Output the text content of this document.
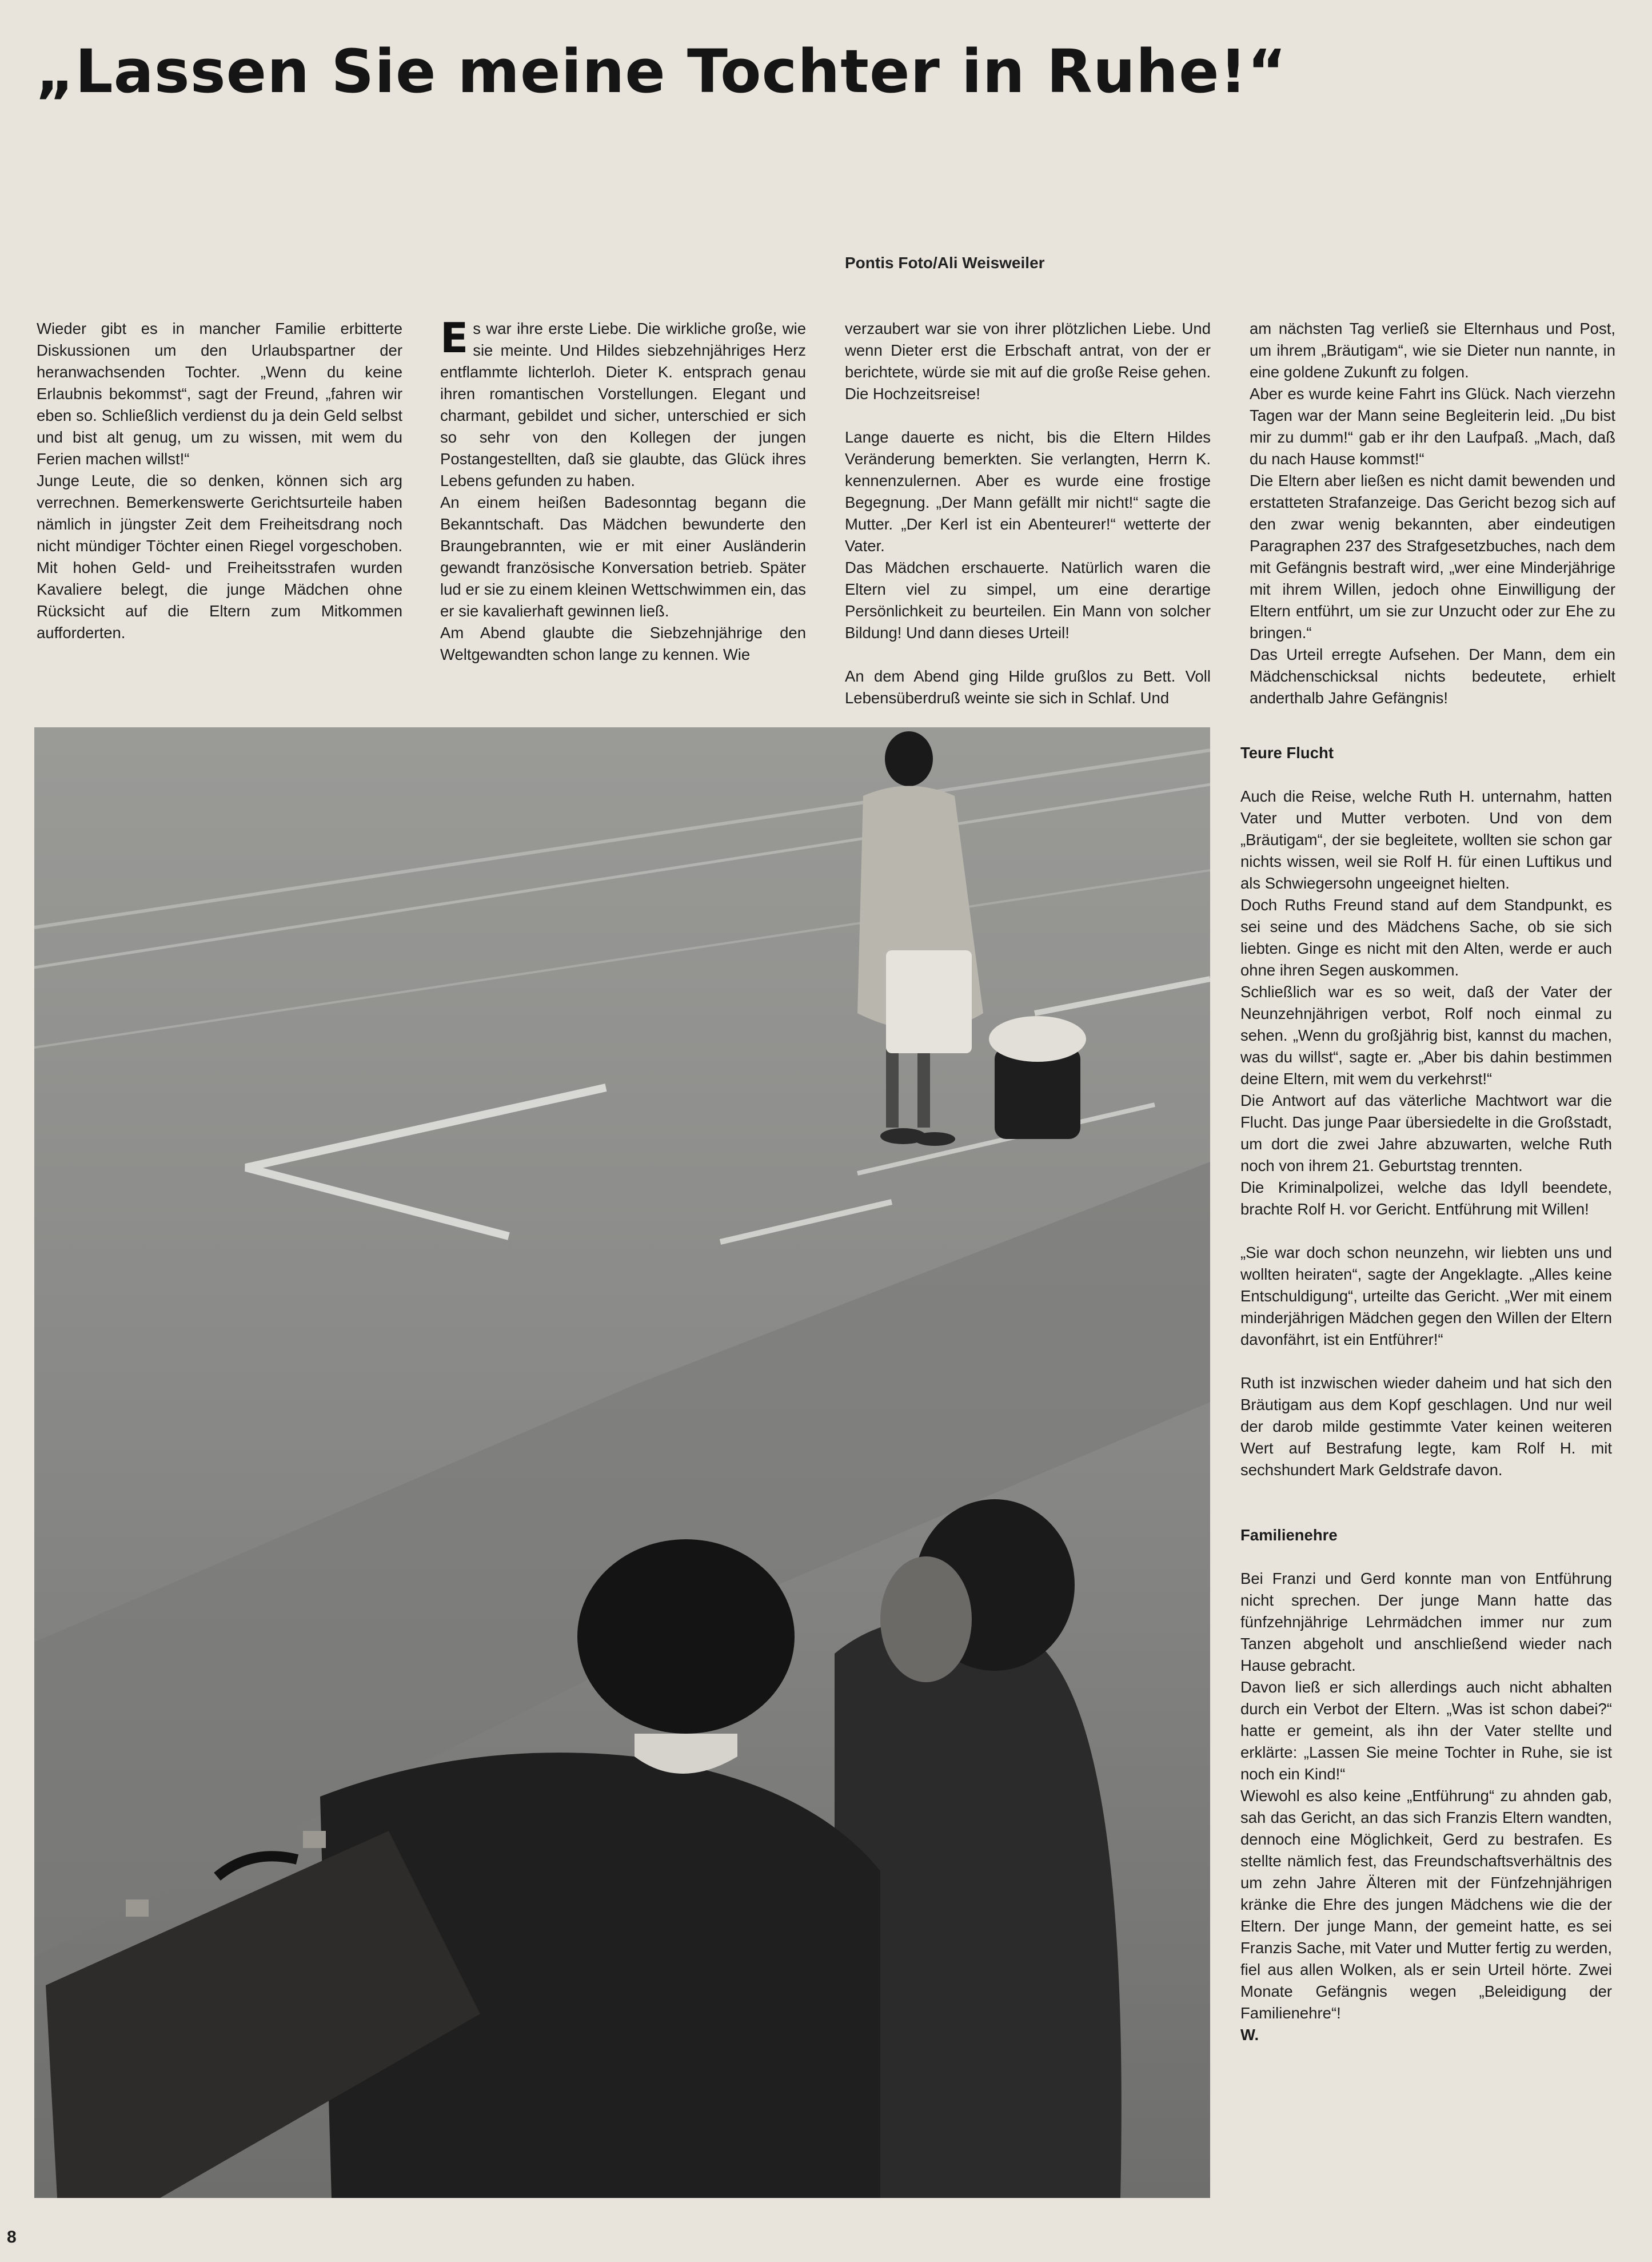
„Lassen Sie meine Tochter in Ruhe!“
Pontis Foto/Ali Weisweiler

Wieder gibt es in mancher Familie erbitterte Diskussionen um den Urlaubspartner der heranwachsenden Tochter. „Wenn du keine Erlaubnis bekommst“, sagt der Freund, „fahren wir eben so. Schließlich verdienst du ja dein Geld selbst und bist alt genug, um zu wissen, mit wem du Ferien machen willst!“

Junge Leute, die so denken, können sich arg verrechnen. Bemerkenswerte Gerichtsurteile haben nämlich in jüngster Zeit dem Freiheitsdrang noch nicht mündiger Töchter einen Riegel vorgeschoben. Mit hohen Geld- und Freiheitsstrafen wurden Kavaliere belegt, die junge Mädchen ohne Rücksicht auf die Eltern zum Mitkommen aufforderten.

Es war ihre erste Liebe. Die wirkliche große, wie sie meinte. Und Hildes siebzehnjähriges Herz entflammte lichterloh. Dieter K. entsprach genau ihren romantischen Vorstellungen. Elegant und charmant, gebildet und sicher, unterschied er sich so sehr von den Kollegen der jungen Postangestellten, daß sie glaubte, das Glück ihres Lebens gefunden zu haben.

An einem heißen Badesonntag begann die Bekanntschaft. Das Mädchen bewunderte den Braungebrannten, wie er mit einer Ausländerin gewandt französische Konversation betrieb. Später lud er sie zu einem kleinen Wettschwimmen ein, das er sie kavalierhaft gewinnen ließ.

Am Abend glaubte die Siebzehnjährige den Weltgewandten schon lange zu kennen. Wie

verzaubert war sie von ihrer plötzlichen Liebe. Und wenn Dieter erst die Erbschaft antrat, von der er berichtete, würde sie mit auf die große Reise gehen. Die Hochzeitsreise!

Lange dauerte es nicht, bis die Eltern Hildes Veränderung bemerkten. Sie verlangten, Herrn K. kennenzulernen. Aber es wurde eine frostige Begegnung. „Der Mann gefällt mir nicht!“ sagte die Mutter. „Der Kerl ist ein Abenteurer!“ wetterte der Vater.

Das Mädchen erschauerte. Natürlich waren die Eltern viel zu simpel, um eine derartige Persönlichkeit zu beurteilen. Ein Mann von solcher Bildung! Und dann dieses Urteil!

An dem Abend ging Hilde grußlos zu Bett. Voll Lebensüberdruß weinte sie sich in Schlaf. Und

am nächsten Tag verließ sie Elternhaus und Post, um ihrem „Bräutigam“, wie sie Dieter nun nannte, in eine goldene Zukunft zu folgen.

Aber es wurde keine Fahrt ins Glück. Nach vierzehn Tagen war der Mann seine Begleiterin leid. „Du bist mir zu dumm!“ gab er ihr den Laufpaß. „Mach, daß du nach Hause kommst!“

Die Eltern aber ließen es nicht damit bewenden und erstatteten Strafanzeige. Das Gericht bezog sich auf den zwar wenig bekannten, aber eindeutigen Paragraphen 237 des Strafgesetzbuches, nach dem mit Gefängnis bestraft wird, „wer eine Minderjährige mit ihrem Willen, jedoch ohne Einwilligung der Eltern entführt, um sie zur Unzucht oder zur Ehe zu bringen.“

Das Urteil erregte Aufsehen. Der Mann, dem ein Mädchenschicksal nichts bedeutete, erhielt anderthalb Jahre Gefängnis!

Teure Flucht

Auch die Reise, welche Ruth H. unternahm, hatten Vater und Mutter verboten. Und von dem „Bräutigam“, der sie begleitete, wollten sie schon gar nichts wissen, weil sie Rolf H. für einen Luftikus und als Schwiegersohn ungeeignet hielten.

Doch Ruths Freund stand auf dem Standpunkt, es sei seine und des Mädchens Sache, ob sie sich liebten. Ginge es nicht mit den Alten, werde er auch ohne ihren Segen auskommen.

Schließlich war es so weit, daß der Vater der Neunzehnjährigen verbot, Rolf noch einmal zu sehen. „Wenn du großjährig bist, kannst du machen, was du willst“, sagte er. „Aber bis dahin bestimmen deine Eltern, mit wem du verkehrst!“

Die Antwort auf das väterliche Machtwort war die Flucht. Das junge Paar übersiedelte in die Großstadt, um dort die zwei Jahre abzuwarten, welche Ruth noch von ihrem 21. Geburtstag trennten.

Die Kriminalpolizei, welche das Idyll beendete, brachte Rolf H. vor Gericht. Entführung mit Willen!

„Sie war doch schon neunzehn, wir liebten uns und wollten heiraten“, sagte der Angeklagte. „Alles keine Entschuldigung“, urteilte das Gericht. „Wer mit einem minderjährigen Mädchen gegen den Willen der Eltern davonfährt, ist ein Entführer!“

Ruth ist inzwischen wieder daheim und hat sich den Bräutigam aus dem Kopf geschlagen. Und nur weil der darob milde gestimmte Vater keinen weiteren Wert auf Bestrafung legte, kam Rolf H. mit sechshundert Mark Geldstrafe davon.

Familienehre

Bei Franzi und Gerd konnte man von Entführung nicht sprechen. Der junge Mann hatte das fünfzehnjährige Lehrmädchen immer nur zum Tanzen abgeholt und anschließend wieder nach Hause gebracht.

Davon ließ er sich allerdings auch nicht abhalten durch ein Verbot der Eltern. „Was ist schon dabei?“ hatte er gemeint, als ihn der Vater stellte und erklärte: „Lassen Sie meine Tochter in Ruhe, sie ist noch ein Kind!“

Wiewohl es also keine „Entführung“ zu ahnden gab, sah das Gericht, an das sich Franzis Eltern wandten, dennoch eine Möglichkeit, Gerd zu bestrafen. Es stellte nämlich fest, das Freundschaftsverhältnis des um zehn Jahre Älteren mit der Fünfzehnjährigen kränke die Ehre des jungen Mädchens wie die der Eltern. Der junge Mann, der gemeint hatte, es sei Franzis Sache, mit Vater und Mutter fertig zu werden, fiel aus allen Wolken, als er sein Urteil hörte. Zwei Monate Gefängnis wegen „Beleidigung der Familienehre“!

W.

8
